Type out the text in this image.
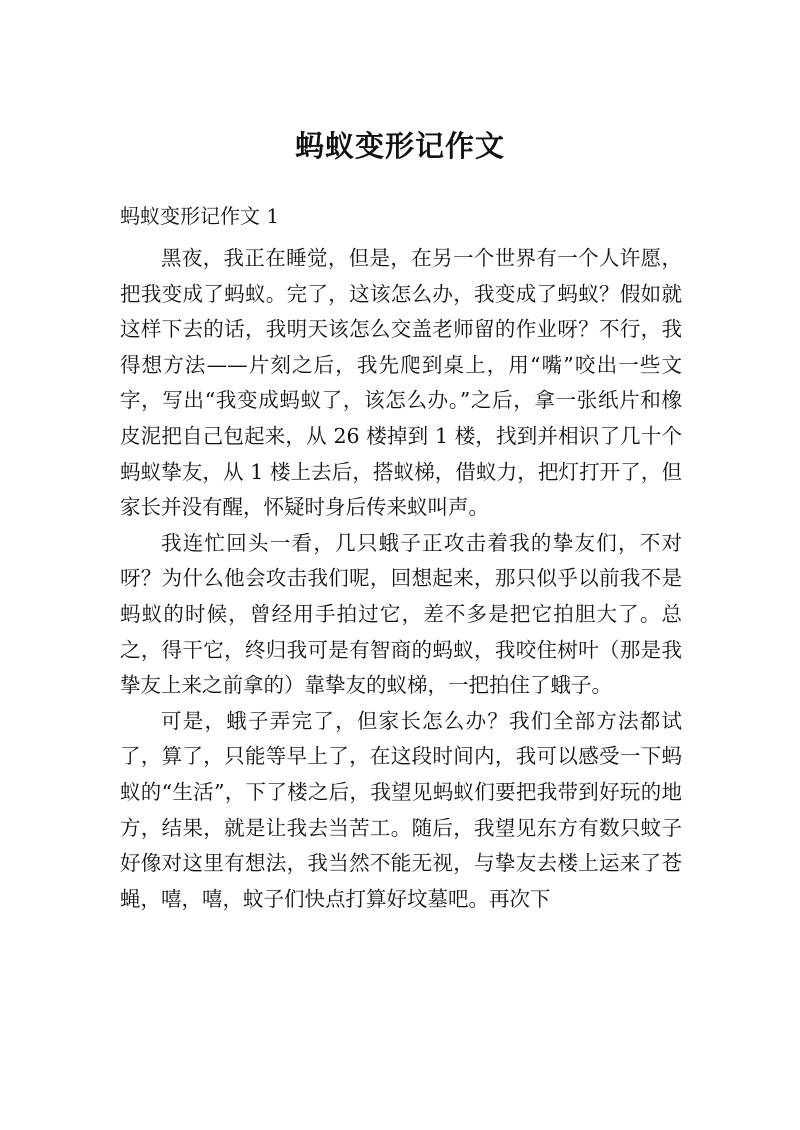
蚂蚁变形记作文
蚂蚁变形记作文 1

黑夜，我正在睡觉，但是，在另一个世界有一个人许愿，把我变成了蚂蚁。完了，这该怎么办，我变成了蚂蚁？假如就这样下去的话，我明天该怎么交盖老师留的作业呀？不行，我得想方法——片刻之后，我先爬到桌上，用“嘴”咬出一些文字，写出“我变成蚂蚁了，该怎么办。”之后，拿一张纸片和橡皮泥把自己包起来，从 26 楼掉到 1 楼，找到并相识了几十个蚂蚁挚友，从 1 楼上去后，搭蚁梯，借蚁力，把灯打开了，但家长并没有醒，怀疑时身后传来蚁叫声。

我连忙回头一看，几只蛾子正攻击着我的挚友们，不对呀？为什么他会攻击我们呢，回想起来，那只似乎以前我不是蚂蚁的时候，曾经用手拍过它，差不多是把它拍胆大了。总之，得干它，终归我可是有智商的蚂蚁，我咬住树叶（那是我挚友上来之前拿的）靠挚友的蚁梯，一把拍住了蛾子。

可是，蛾子弄完了，但家长怎么办？我们全部方法都试了，算了，只能等早上了，在这段时间内，我可以感受一下蚂蚁的“生活”，下了楼之后，我望见蚂蚁们要把我带到好玩的地方，结果，就是让我去当苦工。随后，我望见东方有数只蚊子好像对这里有想法，我当然不能无视，与挚友去楼上运来了苍蝇，嘻，嘻，蚊子们快点打算好坟墓吧。再次下
